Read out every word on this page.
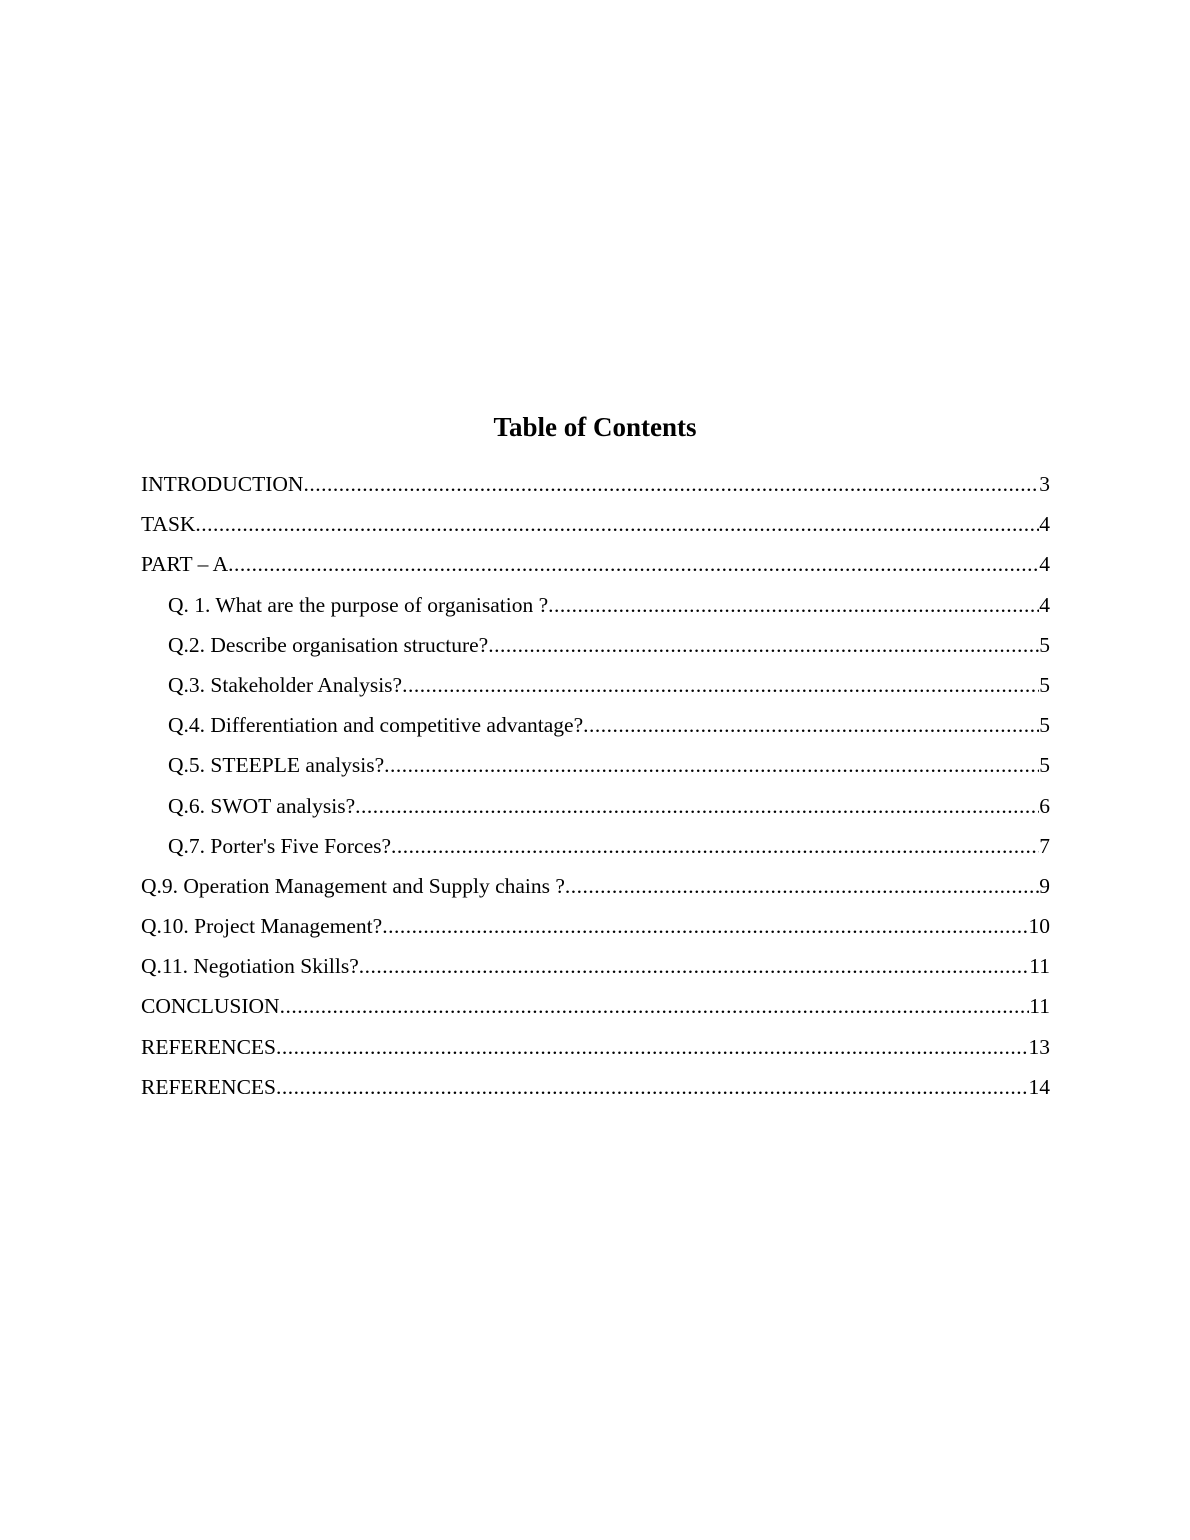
Table of Contents
INTRODUCTION .....	3
TASK .....	4
PART – A .....	4
Q. 1. What are the purpose of organisation ? .....	4
Q.2. Describe organisation structure? .....	5
Q.3. Stakeholder Analysis? .....	5
Q.4. Differentiation and competitive advantage? .....	5
Q.5. STEEPLE analysis? .....	5
Q.6. SWOT analysis? .....	6
Q.7. Porter's Five Forces? .....	7
Q.9. Operation Management and Supply chains ? .....	9
Q.10. Project Management? .....	10
Q.11. Negotiation Skills? .....	11
CONCLUSION .....	11
REFERENCES .....	13
REFERENCES .....	14
